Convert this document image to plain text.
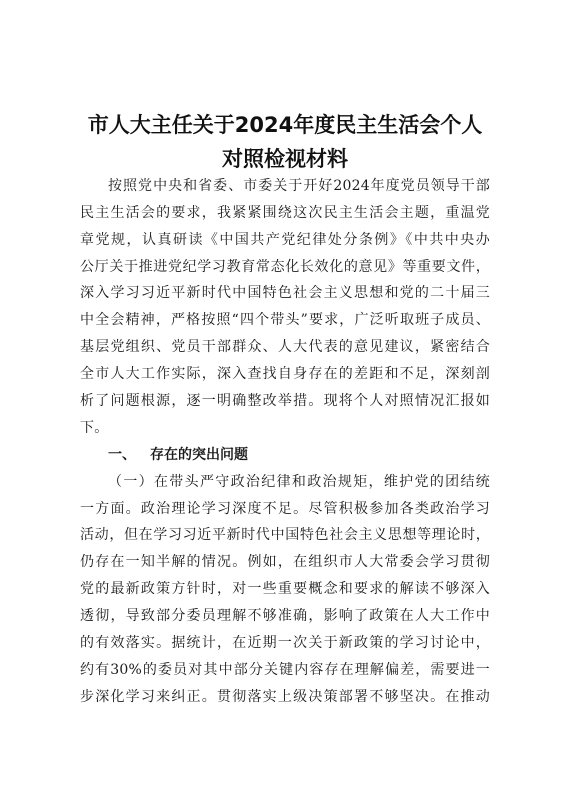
市人大主任关于2024年度民主生活会个人
对照检视材料
按照党中央和省委、市委关于开好2024年度党员领导干部
民主生活会的要求，我紧紧围绕这次民主生活会主题，重温党
章党规，认真研读《中国共产党纪律处分条例》《中共中央办
公厅关于推进党纪学习教育常态化长效化的意见》等重要文件，
深入学习习近平新时代中国特色社会主义思想和党的二十届三
中全会精神，严格按照“四个带头”要求，广泛听取班子成员、
基层党组织、党员干部群众、人大代表的意见建议，紧密结合
全市人大工作实际，深入查找自身存在的差距和不足，深刻剖
析了问题根源，逐一明确整改举措。现将个人对照情况汇报如
下。
一、 存在的突出问题
（一）在带头严守政治纪律和政治规矩，维护党的团结统
一方面。政治理论学习深度不足。尽管积极参加各类政治学习
活动，但在学习习近平新时代中国特色社会主义思想等理论时，
仍存在一知半解的情况。例如，在组织市人大常委会学习贯彻
党的最新政策方针时，对一些重要概念和要求的解读不够深入
透彻，导致部分委员理解不够准确，影响了政策在人大工作中
的有效落实。据统计，在近期一次关于新政策的学习讨论中，
约有30%的委员对其中部分关键内容存在理解偏差，需要进一
步深化学习来纠正。贯彻落实上级决策部署不够坚决。在推动
